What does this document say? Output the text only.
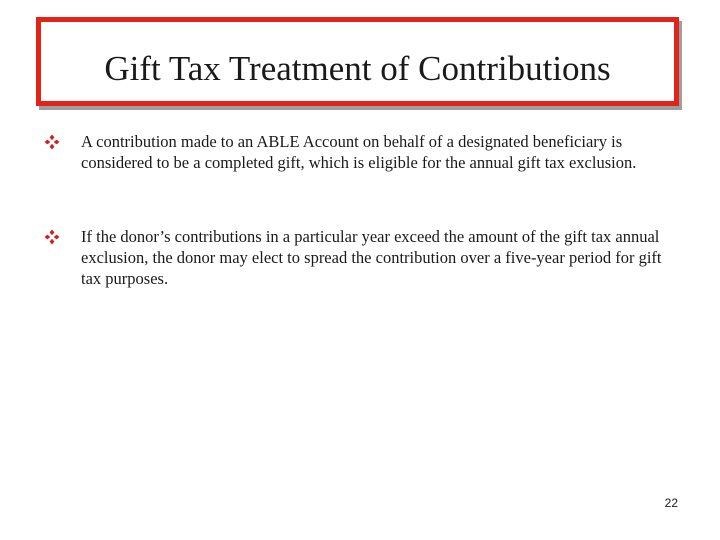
Gift Tax Treatment of Contributions
A contribution made to an ABLE Account on behalf of a designated beneficiary is considered to be a completed gift, which is eligible for the annual gift tax exclusion.
If the donor’s contributions in a particular year exceed the amount of the gift tax annual exclusion, the donor may elect to spread the contribution over a five-year period for gift tax purposes.
22
